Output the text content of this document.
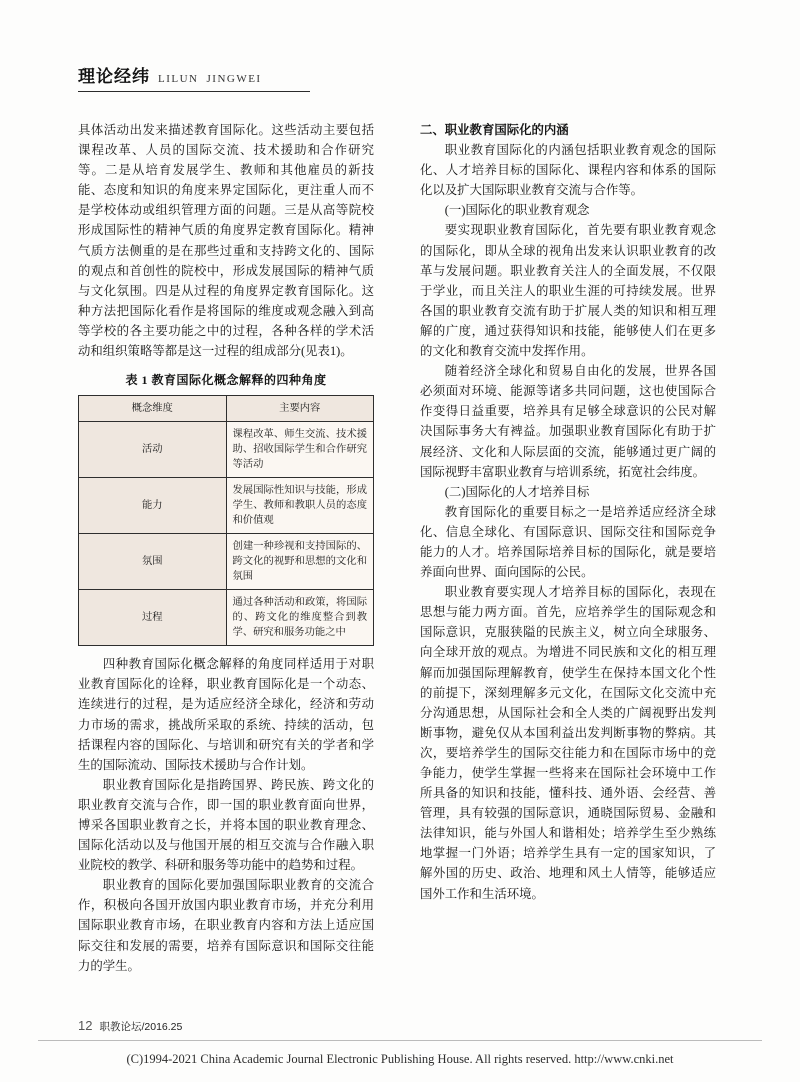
理论经纬 LILUN JINGWEI

具体活动出发来描述教育国际化。这些活动主要包括课程改革、人员的国际交流、技术援助和合作研究等。二是从培育发展学生、教师和其他雇员的新技能、态度和知识的角度来界定国际化，更注重人而不是学校体动或组织管理方面的问题。三是从高等院校形成国际性的精神气质的角度界定教育国际化。精神气质方法侧重的是在那些过重和支持跨文化的、国际的观点和首创性的院校中，形成发展国际的精神气质与文化氛围。四是从过程的角度界定教育国际化。这种方法把国际化看作是将国际的维度或观念融入到高等学校的各主要功能之中的过程，各种各样的学术活动和组织策略等都是这一过程的组成部分(见表1)。

表 1 教育国际化概念解释的四种角度
概念维度	主要内容
活动	课程改革、师生交流、技术援助、招收国际学生和合作研究等活动
能力	发展国际性知识与技能，形成学生、教师和教职人员的态度和价值观
氛围	创建一种珍视和支持国际的、跨文化的视野和思想的文化和氛围
过程	通过各种活动和政策，将国际的、跨文化的维度整合到教学、研究和服务功能之中

四种教育国际化概念解释的角度同样适用于对职业教育国际化的诠释，职业教育国际化是一个动态、连续进行的过程，是为适应经济全球化，经济和劳动力市场的需求，挑战所采取的系统、持续的活动，包括课程内容的国际化、与培训和研究有关的学者和学生的国际流动、国际技术援助与合作计划。

职业教育国际化是指跨国界、跨民族、跨文化的职业教育交流与合作，即一国的职业教育面向世界，博采各国职业教育之长，并将本国的职业教育理念、国际化活动以及与他国开展的相互交流与合作融入职业院校的教学、科研和服务等功能中的趋势和过程。

职业教育的国际化要加强国际职业教育的交流合作，积极向各国开放国内职业教育市场，并充分利用国际职业教育市场，在职业教育内容和方法上适应国际交往和发展的需要，培养有国际意识和国际交往能力的学生。

二、职业教育国际化的内涵

职业教育国际化的内涵包括职业教育观念的国际化、人才培养目标的国际化、课程内容和体系的国际化以及扩大国际职业教育交流与合作等。

(一)国际化的职业教育观念

要实现职业教育国际化，首先要有职业教育观念的国际化，即从全球的视角出发来认识职业教育的改革与发展问题。职业教育关注人的全面发展，不仅限于学业，而且关注人的职业生涯的可持续发展。世界各国的职业教育交流有助于扩展人类的知识和相互理解的广度，通过获得知识和技能，能够使人们在更多的文化和教育交流中发挥作用。

随着经济全球化和贸易自由化的发展，世界各国必须面对环境、能源等诸多共同问题，这也使国际合作变得日益重要，培养具有足够全球意识的公民对解决国际事务大有裨益。加强职业教育国际化有助于扩展经济、文化和人际层面的交流，能够通过更广阔的国际视野丰富职业教育与培训系统，拓宽社会纬度。

(二)国际化的人才培养目标

教育国际化的重要目标之一是培养适应经济全球化、信息全球化、有国际意识、国际交往和国际竞争能力的人才。培养国际培养目标的国际化，就是要培养面向世界、面向国际的公民。

职业教育要实现人才培养目标的国际化，表现在思想与能力两方面。首先，应培养学生的国际观念和国际意识，克服狭隘的民族主义，树立向全球服务、向全球开放的观点。为增进不同民族和文化的相互理解而加强国际理解教育，使学生在保持本国文化个性的前提下，深刻理解多元文化，在国际文化交流中充分沟通思想，从国际社会和全人类的广阔视野出发判断事物，避免仅从本国利益出发判断事物的弊病。其次，要培养学生的国际交往能力和在国际市场中的竞争能力，使学生掌握一些将来在国际社会环境中工作所具备的知识和技能，懂科技、通外语、会经营、善管理，具有较强的国际意识，通晓国际贸易、金融和法律知识，能与外国人和谐相处；培养学生至少熟练地掌握一门外语；培养学生具有一定的国家知识，了解外国的历史、政治、地理和风土人情等，能够适应国外工作和生活环境。

12 职教论坛/2016.25
(C)1994-2021 China Academic Journal Electronic Publishing House. All rights reserved. http://www.cnki.net
